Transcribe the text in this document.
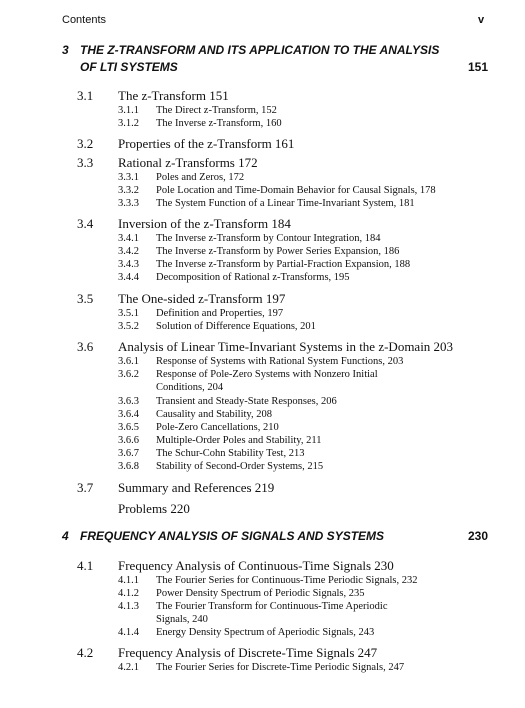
Contents	v
3 THE Z-TRANSFORM AND ITS APPLICATION TO THE ANALYSIS
OF LTI SYSTEMS	151
3.1 The z-Transform 151
3.1.1 The Direct z-Transform, 152
3.1.2 The Inverse z-Transform, 160
3.2 Properties of the z-Transform 161
3.3 Rational z-Transforms 172
3.3.1 Poles and Zeros, 172
3.3.2 Pole Location and Time-Domain Behavior for Causal Signals, 178
3.3.3 The System Function of a Linear Time-Invariant System, 181
3.4 Inversion of the z-Transform 184
3.4.1 The Inverse z-Transform by Contour Integration, 184
3.4.2 The Inverse z-Transform by Power Series Expansion, 186
3.4.3 The Inverse z-Transform by Partial-Fraction Expansion, 188
3.4.4 Decomposition of Rational z-Transforms, 195
3.5 The One-sided z-Transform 197
3.5.1 Definition and Properties, 197
3.5.2 Solution of Difference Equations, 201
3.6 Analysis of Linear Time-Invariant Systems in the z-Domain 203
3.6.1 Response of Systems with Rational System Functions, 203
3.6.2 Response of Pole-Zero Systems with Nonzero Initial
Conditions, 204
3.6.3 Transient and Steady-State Responses, 206
3.6.4 Causality and Stability, 208
3.6.5 Pole-Zero Cancellations, 210
3.6.6 Multiple-Order Poles and Stability, 211
3.6.7 The Schur-Cohn Stability Test, 213
3.6.8 Stability of Second-Order Systems, 215
3.7 Summary and References 219
Problems 220
4 FREQUENCY ANALYSIS OF SIGNALS AND SYSTEMS	230
4.1 Frequency Analysis of Continuous-Time Signals 230
4.1.1 The Fourier Series for Continuous-Time Periodic Signals, 232
4.1.2 Power Density Spectrum of Periodic Signals, 235
4.1.3 The Fourier Transform for Continuous-Time Aperiodic
Signals, 240
4.1.4 Energy Density Spectrum of Aperiodic Signals, 243
4.2 Frequency Analysis of Discrete-Time Signals 247
4.2.1 The Fourier Series for Discrete-Time Periodic Signals, 247
